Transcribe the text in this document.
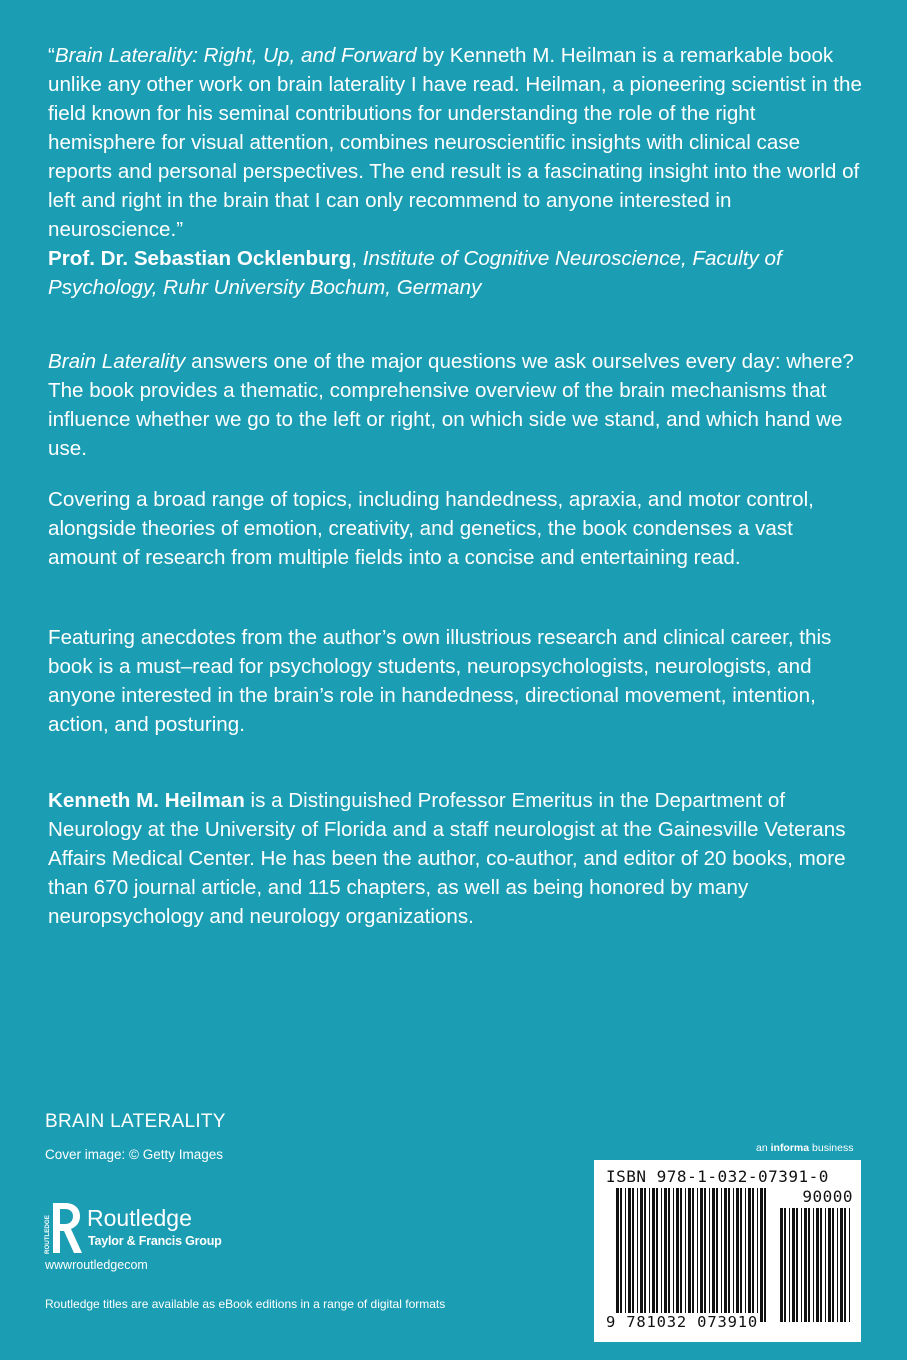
“Brain Laterality: Right, Up, and Forward by Kenneth M. Heilman is a remarkable book unlike any other work on brain laterality I have read. Heilman, a pioneering scientist in the field known for his seminal contributions for understanding the role of the right hemisphere for visual attention, combines neuroscientific insights with clinical case reports and personal perspectives. The end result is a fascinating insight into the world of left and right in the brain that I can only recommend to anyone interested in neuroscience.”
Prof. Dr. Sebastian Ocklenburg, Institute of Cognitive Neuroscience, Faculty of Psychology, Ruhr University Bochum, Germany

Brain Laterality answers one of the major questions we ask ourselves every day: where? The book provides a thematic, comprehensive overview of the brain mechanisms that influence whether we go to the left or right, on which side we stand, and which hand we use.

Covering a broad range of topics, including handedness, apraxia, and motor control, alongside theories of emotion, creativity, and genetics, the book condenses a vast amount of research from multiple fields into a concise and entertaining read.

Featuring anecdotes from the author’s own illustrious research and clinical career, this book is a must–read for psychology students, neuropsychologists, neurologists, and anyone interested in the brain’s role in handedness, directional movement, intention, action, and posturing.

Kenneth M. Heilman is a Distinguished Professor Emeritus in the Department of Neurology at the University of Florida and a staff neurologist at the Gainesville Veterans Affairs Medical Center. He has been the author, co-author, and editor of 20 books, more than 670 journal article, and 115 chapters, as well as being honored by many neuropsychology and neurology organizations.

BRAIN LATERALITY
Cover image: © Getty Images
ROUTLEDGE Routledge
Taylor & Francis Group
wwwroutledgecom
Routledge titles are available as eBook editions in a range of digital formats
an informa business
ISBN 978-1-032-07391-0
90000
9 781032 073910
